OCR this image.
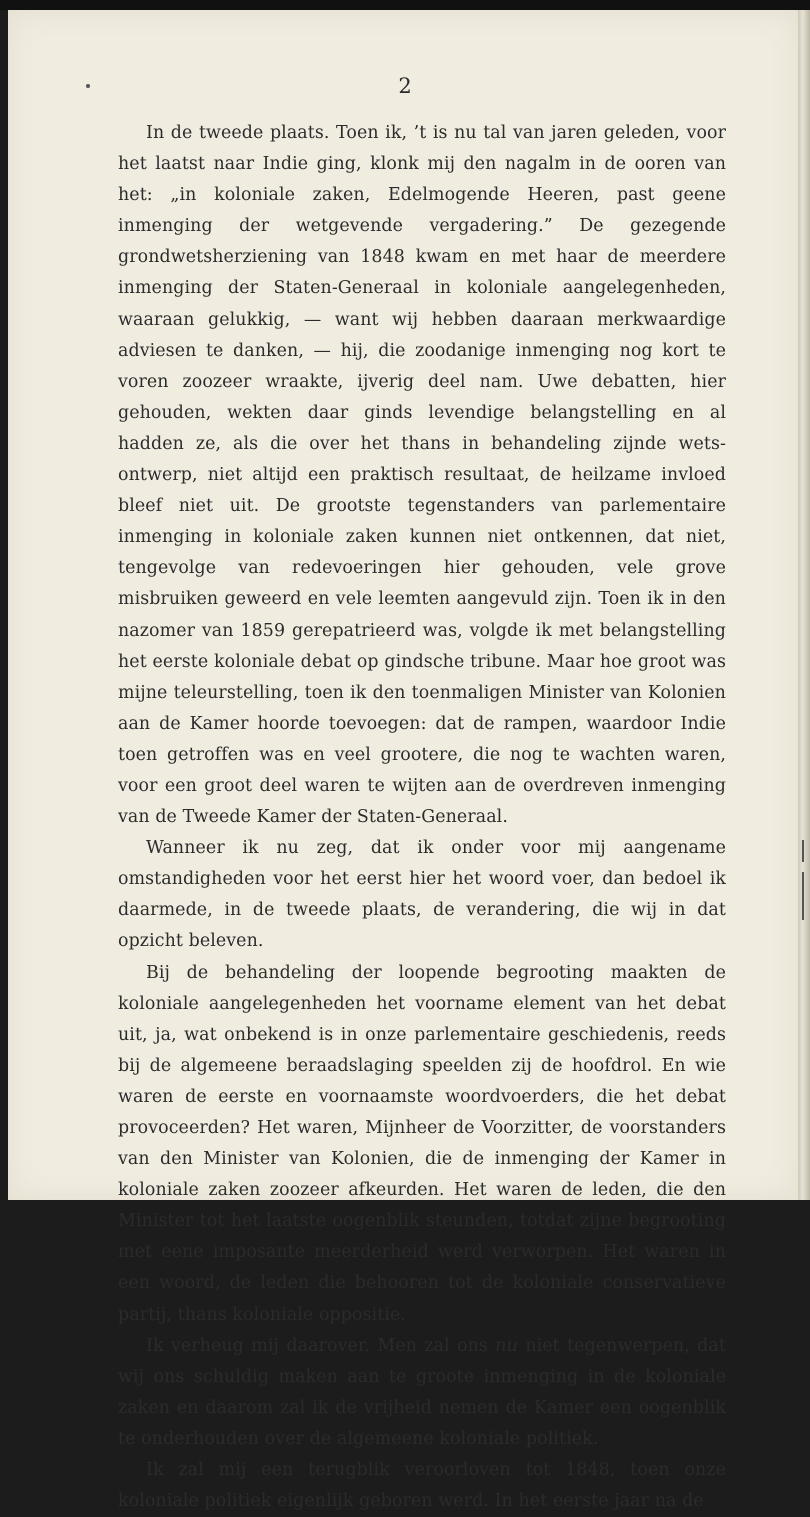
2

In de tweede plaats. Toen ik, ’t is nu tal van jaren geleden, voor het laatst naar Indie ging, klonk mij den nagalm in de ooren van het: „in koloniale zaken, Edelmogende Heeren, past geene inmenging der wetgevende vergadering.” De gezegende grondwetsherziening van 1848 kwam en met haar de meerdere inmenging der Staten-Generaal in koloniale aangelegenheden, waaraan gelukkig, — want wij hebben daaraan merkwaardige adviesen te danken, — hij, die zoodanige inmenging nog kort te voren zoozeer wraakte, ijverig deel nam. Uwe debatten, hier gehouden, wekten daar ginds levendige belangstelling en al hadden ze, als die over het thans in behandeling zijnde wets-ontwerp, niet altijd een praktisch resultaat, de heilzame invloed bleef niet uit. De grootste tegenstanders van parlementaire inmenging in koloniale zaken kunnen niet ontkennen, dat niet, tengevolge van redevoeringen hier gehouden, vele grove misbruiken geweerd en vele leemten aangevuld zijn. Toen ik in den nazomer van 1859 gerepatrieerd was, volgde ik met belangstelling het eerste koloniale debat op gindsche tribune. Maar hoe groot was mijne teleurstelling, toen ik den toenmaligen Minister van Kolonien aan de Kamer hoorde toevoegen: dat de rampen, waardoor Indie toen getroffen was en veel grootere, die nog te wachten waren, voor een groot deel waren te wijten aan de overdreven inmenging van de Tweede Kamer der Staten-Generaal.

Wanneer ik nu zeg, dat ik onder voor mij aangename omstandigheden voor het eerst hier het woord voer, dan bedoel ik daarmede, in de tweede plaats, de verandering, die wij in dat opzicht beleven.

Bij de behandeling der loopende begrooting maakten de koloniale aangelegenheden het voorname element van het debat uit, ja, wat onbekend is in onze parlementaire geschiedenis, reeds bij de algemeene beraadslaging speelden zij de hoofdrol. En wie waren de eerste en voornaamste woordvoerders, die het debat provoceerden? Het waren, Mijnheer de Voorzitter, de voorstanders van den Minister van Kolonien, die de inmenging der Kamer in koloniale zaken zoozeer afkeurden. Het waren de leden, die den Minister tot het laatste oogenblik steunden, totdat zijne begrooting met eene imposante meerderheid werd verworpen. Het waren in een woord, de leden die behooren tot de koloniale conservatieve partij, thans koloniale oppositie.

Ik verheug mij daarover. Men zal ons nu niet tegenwerpen, dat wij ons schuldig maken aan te groote inmenging in de koloniale zaken en daarom zal ik de vrijheid nemen de Kamer een oogenblik te onderhouden over de algemeene koloniale politiek.

Ik zal mij een terugblik veroorloven tot 1848, toen onze koloniale politiek eigenlijk geboren werd. In het eerste jaar na de
